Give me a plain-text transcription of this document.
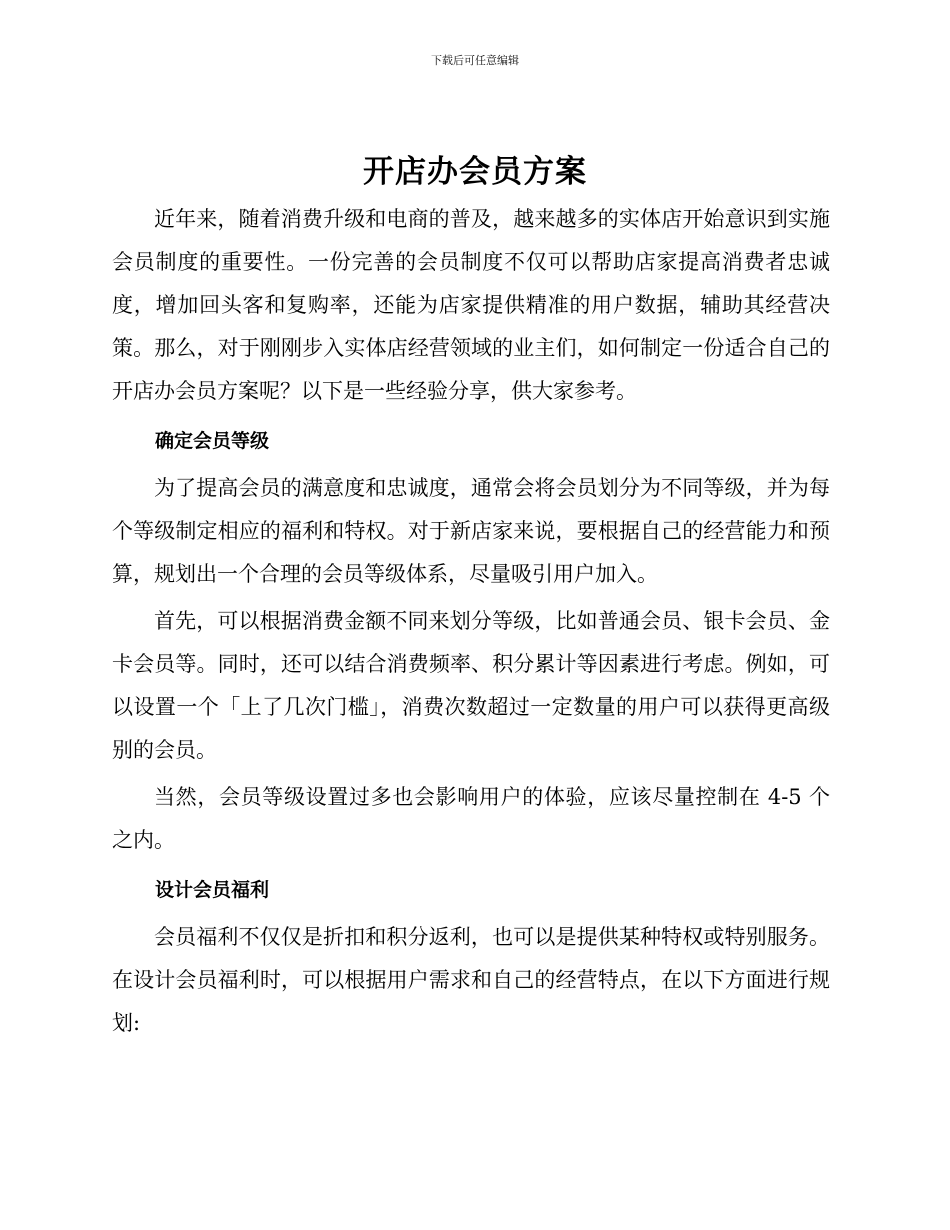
下载后可任意编辑
开店办会员方案

近年来，随着消费升级和电商的普及，越来越多的实体店开始意识到实施会员制度的重要性。一份完善的会员制度不仅可以帮助店家提高消费者忠诚度，增加回头客和复购率，还能为店家提供精准的用户数据，辅助其经营决策。那么，对于刚刚步入实体店经营领域的业主们，如何制定一份适合自己的开店办会员方案呢？以下是一些经验分享，供大家参考。

确定会员等级

为了提高会员的满意度和忠诚度，通常会将会员划分为不同等级，并为每个等级制定相应的福利和特权。对于新店家来说，要根据自己的经营能力和预算，规划出一个合理的会员等级体系，尽量吸引用户加入。

首先，可以根据消费金额不同来划分等级，比如普通会员、银卡会员、金卡会员等。同时，还可以结合消费频率、积分累计等因素进行考虑。例如，可以设置一个「上了几次门槛」，消费次数超过一定数量的用户可以获得更高级别的会员。

当然，会员等级设置过多也会影响用户的体验，应该尽量控制在 4-5 个之内。

设计会员福利

会员福利不仅仅是折扣和积分返利，也可以是提供某种特权或特别服务。在设计会员福利时，可以根据用户需求和自己的经营特点，在以下方面进行规划:
